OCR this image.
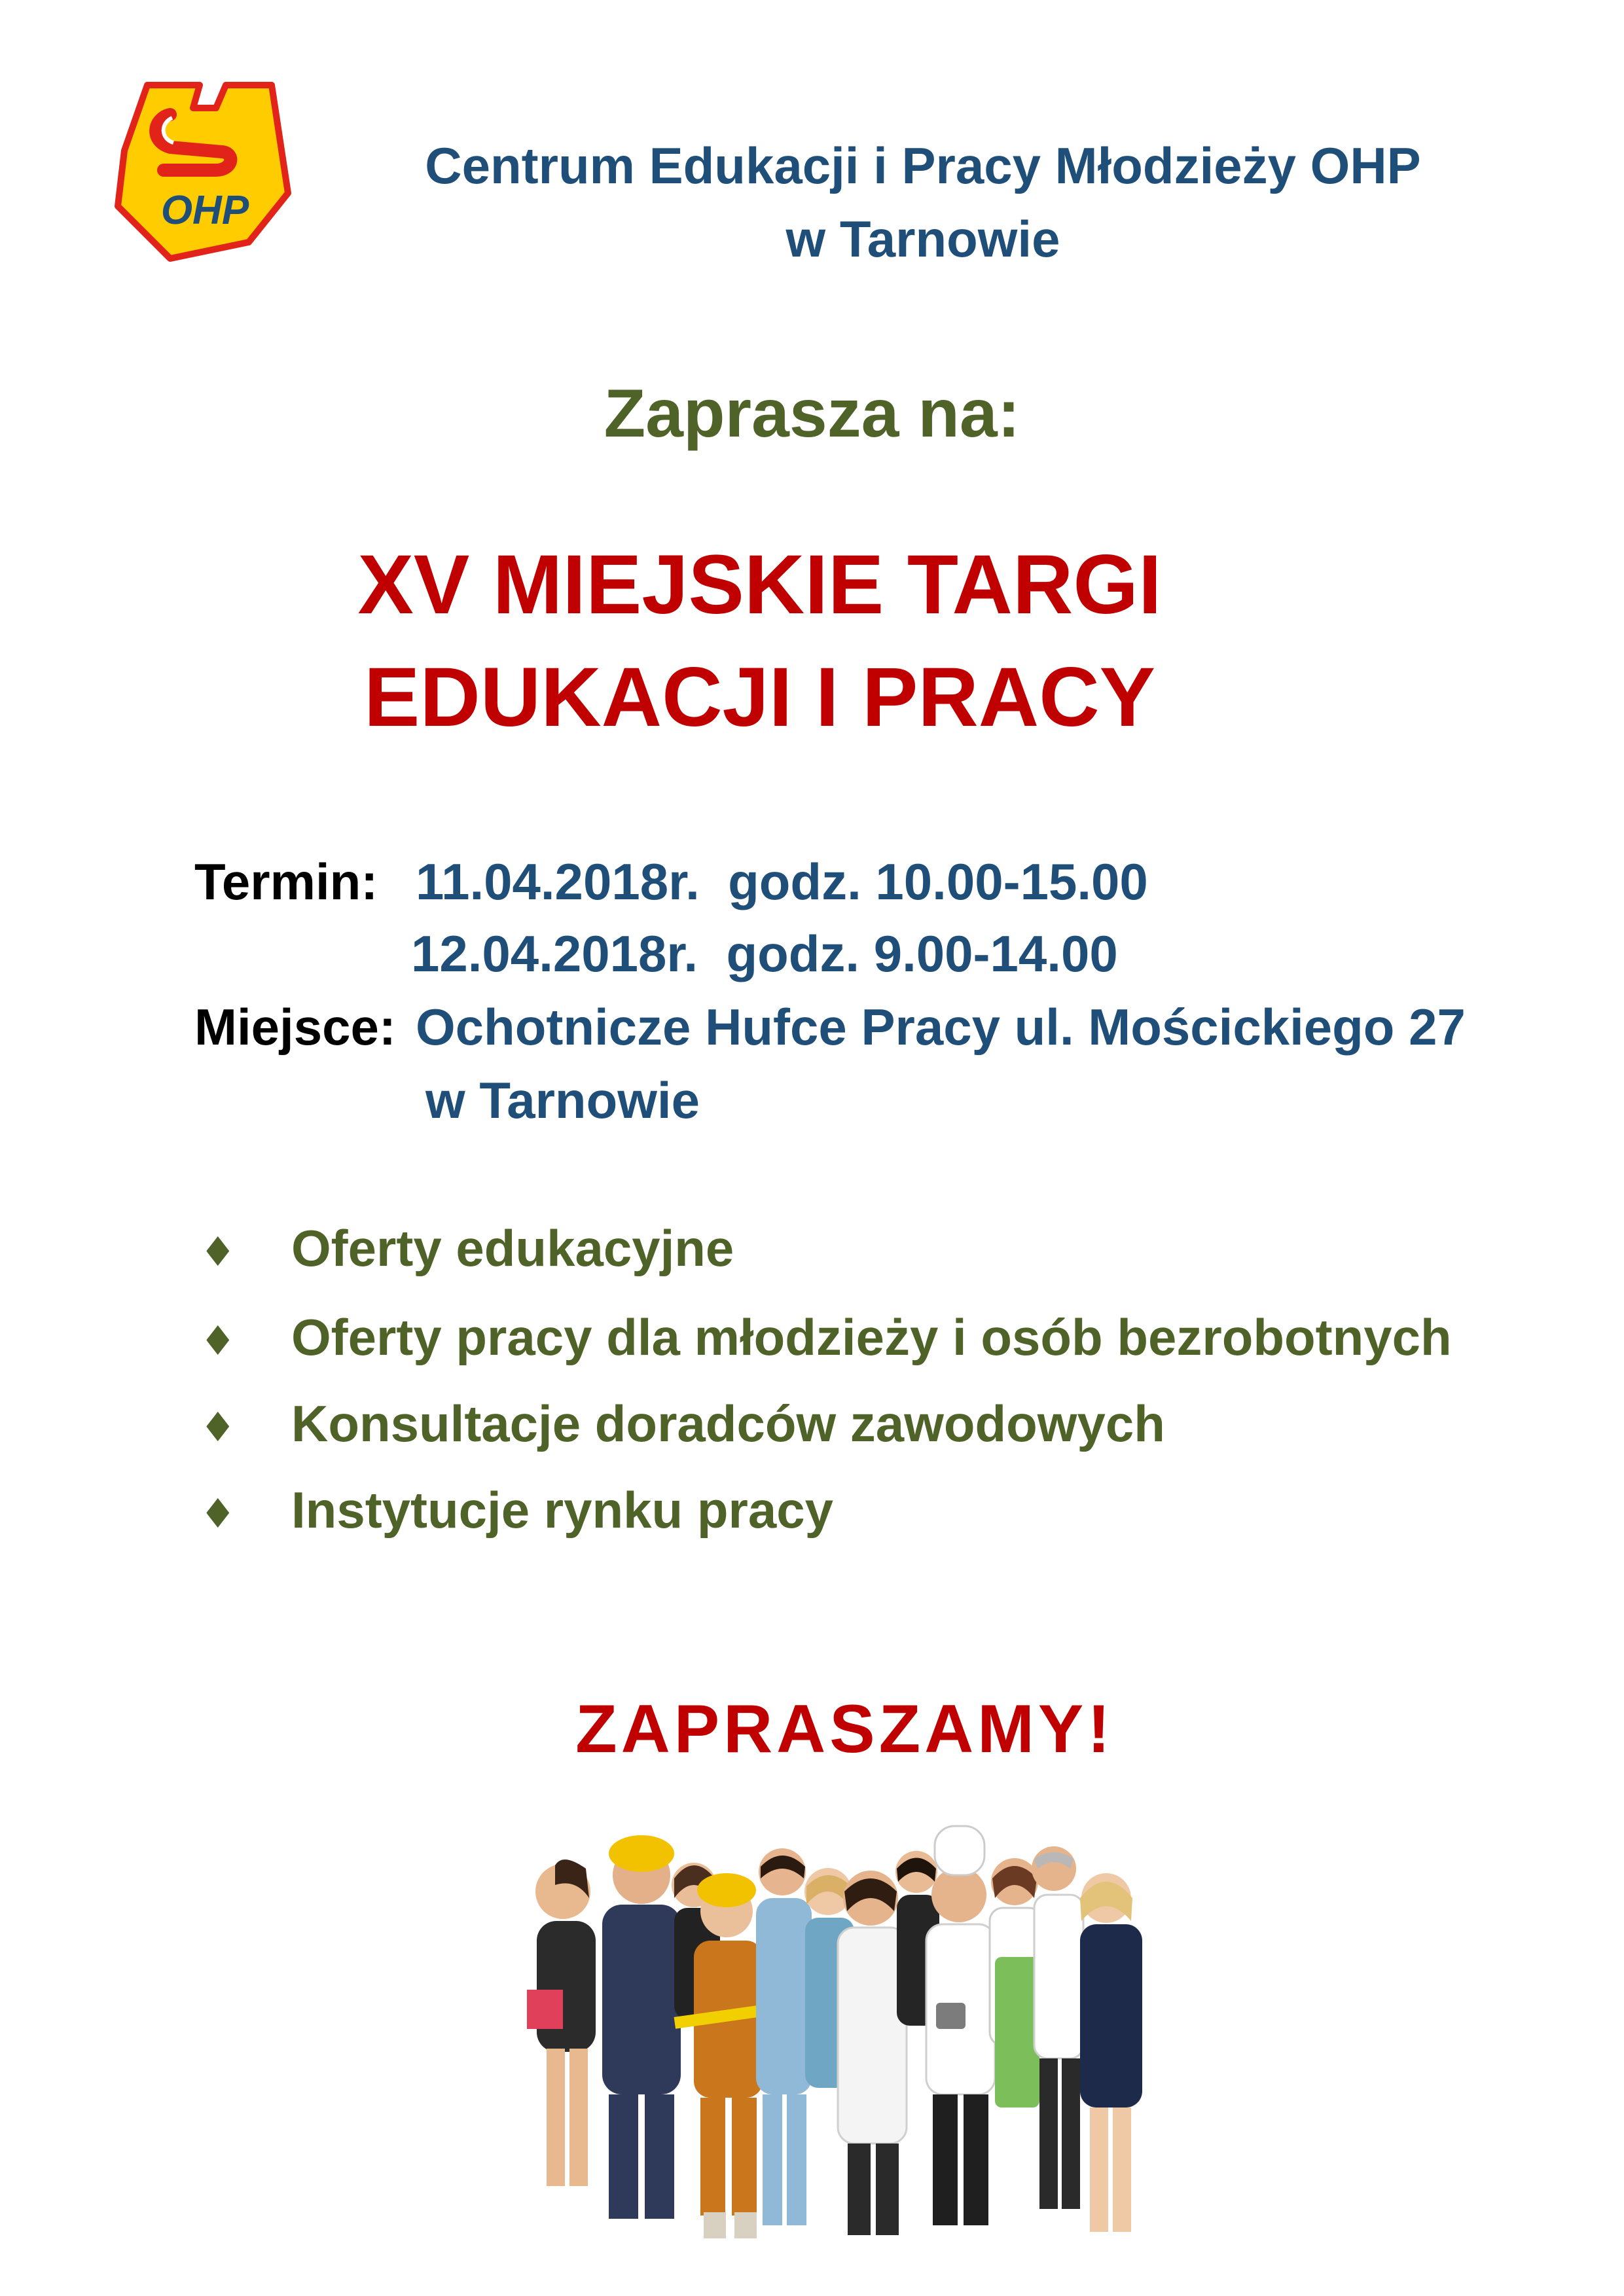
OHP
Centrum Edukacji i Pracy Młodzieży OHP
w Tarnowie
Zaprasza na:
XV MIEJSKIE TARGI
EDUKACJI I PRACY
Termin: 11.04.2018r.  godz. 10.00-15.00
12.04.2018r.  godz. 9.00-14.00
Miejsce: Ochotnicze Hufce Pracy ul. Mościckiego 27
w Tarnowie
♦ Oferty edukacyjne
♦ Oferty pracy dla młodzieży i osób bezrobotnych
♦ Konsultacje doradców zawodowych
♦ Instytucje rynku pracy
ZAPRASZAMY!
